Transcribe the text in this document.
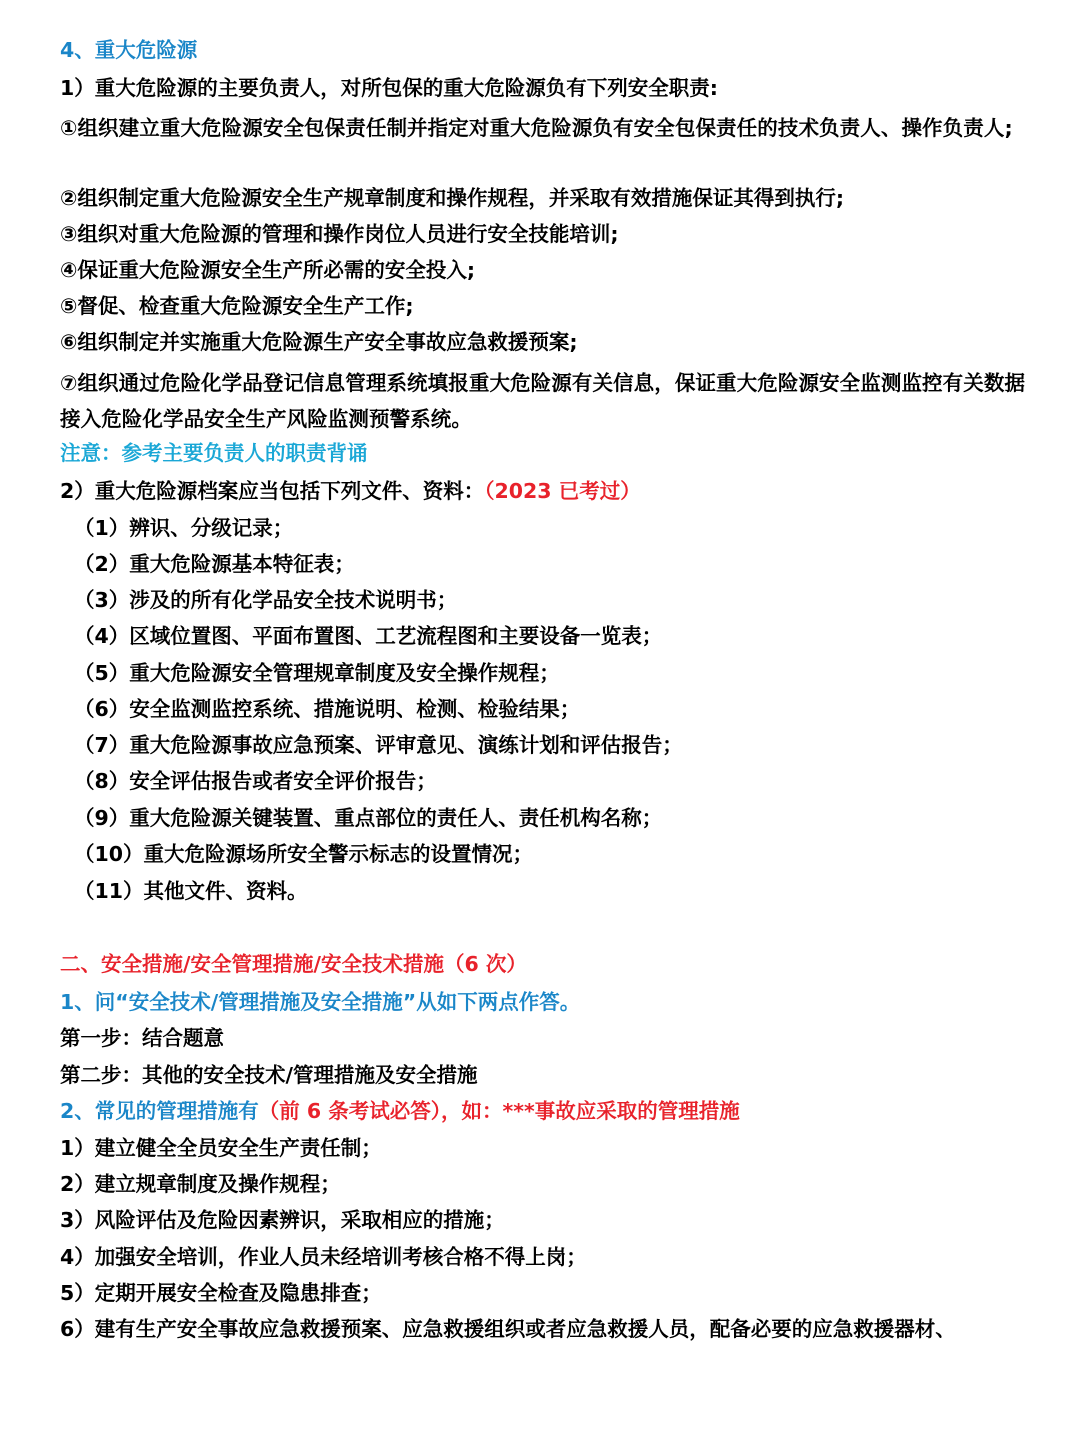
4、重大危险源
1）重大危险源的主要负责人，对所包保的重大危险源负有下列安全职责:
①组织建立重大危险源安全包保责任制并指定对重大危险源负有安全包保责任的技术负责人、操作负责人;
②组织制定重大危险源安全生产规章制度和操作规程，并采取有效措施保证其得到执行;
③组织对重大危险源的管理和操作岗位人员进行安全技能培训;
④保证重大危险源安全生产所必需的安全投入;
⑤督促、检查重大危险源安全生产工作;
⑥组织制定并实施重大危险源生产安全事故应急救援预案;
⑦组织通过危险化学品登记信息管理系统填报重大危险源有关信息，保证重大危险源安全监测监控有关数据接入危险化学品安全生产风险监测预警系统。
注意：参考主要负责人的职责背诵
2）重大危险源档案应当包括下列文件、资料：（2023 已考过）
（1）辨识、分级记录；
（2）重大危险源基本特征表；
（3）涉及的所有化学品安全技术说明书；
（4）区域位置图、平面布置图、工艺流程图和主要设备一览表；
（5）重大危险源安全管理规章制度及安全操作规程；
（6）安全监测监控系统、措施说明、检测、检验结果；
（7）重大危险源事故应急预案、评审意见、演练计划和评估报告；
（8）安全评估报告或者安全评价报告；
（9）重大危险源关键装置、重点部位的责任人、责任机构名称；
（10）重大危险源场所安全警示标志的设置情况；
（11）其他文件、资料。
二、安全措施/安全管理措施/安全技术措施（6 次）
1、问“安全技术/管理措施及安全措施”从如下两点作答。
第一步：结合题意
第二步：其他的安全技术/管理措施及安全措施
2、常见的管理措施有（前 6 条考试必答），如：***事故应采取的管理措施
1）建立健全全员安全生产责任制；
2）建立规章制度及操作规程；
3）风险评估及危险因素辨识，采取相应的措施；
4）加强安全培训，作业人员未经培训考核合格不得上岗；
5）定期开展安全检查及隐患排查；
6）建有生产安全事故应急救援预案、应急救援组织或者应急救援人员，配备必要的应急救援器材、
